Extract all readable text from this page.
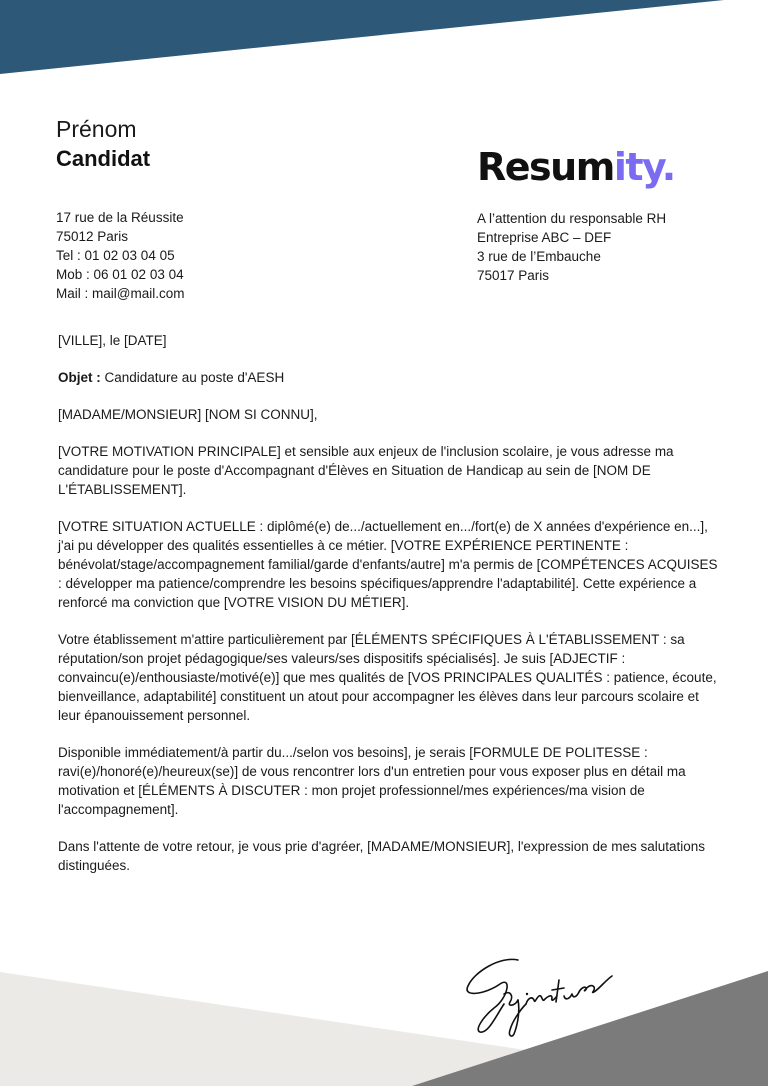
Prénom
Candidat	Resumity.
17 rue de la Réussite
75012 Paris
Tel : 01 02 03 04 05
Mob : 06 01 02 03 04
Mail : mail@mail.com
A l’attention du responsable RH
Entreprise ABC – DEF
3 rue de l’Embauche
75017 Paris

[VILLE], le [DATE]

Objet : Candidature au poste d'AESH

[MADAME/MONSIEUR] [NOM SI CONNU],

[VOTRE MOTIVATION PRINCIPALE] et sensible aux enjeux de l'inclusion scolaire, je vous adresse ma candidature pour le poste d'Accompagnant d'Élèves en Situation de Handicap au sein de [NOM DE L'ÉTABLISSEMENT].

[VOTRE SITUATION ACTUELLE : diplômé(e) de.../actuellement en.../fort(e) de X années d'expérience en...], j'ai pu développer des qualités essentielles à ce métier. [VOTRE EXPÉRIENCE PERTINENTE : bénévolat/stage/accompagnement familial/garde d'enfants/autre] m'a permis de [COMPÉTENCES ACQUISES : développer ma patience/comprendre les besoins spécifiques/apprendre l'adaptabilité]. Cette expérience a renforcé ma conviction que [VOTRE VISION DU MÉTIER].

Votre établissement m'attire particulièrement par [ÉLÉMENTS SPÉCIFIQUES À L'ÉTABLISSEMENT : sa réputation/son projet pédagogique/ses valeurs/ses dispositifs spécialisés]. Je suis [ADJECTIF : convaincu(e)/enthousiaste/motivé(e)] que mes qualités de [VOS PRINCIPALES QUALITÉS : patience, écoute, bienveillance, adaptabilité] constituent un atout pour accompagner les élèves dans leur parcours scolaire et leur épanouissement personnel.

Disponible immédiatement/à partir du.../selon vos besoins], je serais [FORMULE DE POLITESSE : ravi(e)/honoré(e)/heureux(se)] de vous rencontrer lors d'un entretien pour vous exposer plus en détail ma motivation et [ÉLÉMENTS À DISCUTER : mon projet professionnel/mes expériences/ma vision de l'accompagnement].

Dans l'attente de votre retour, je vous prie d'agréer, [MADAME/MONSIEUR], l'expression de mes salutations distinguées.
